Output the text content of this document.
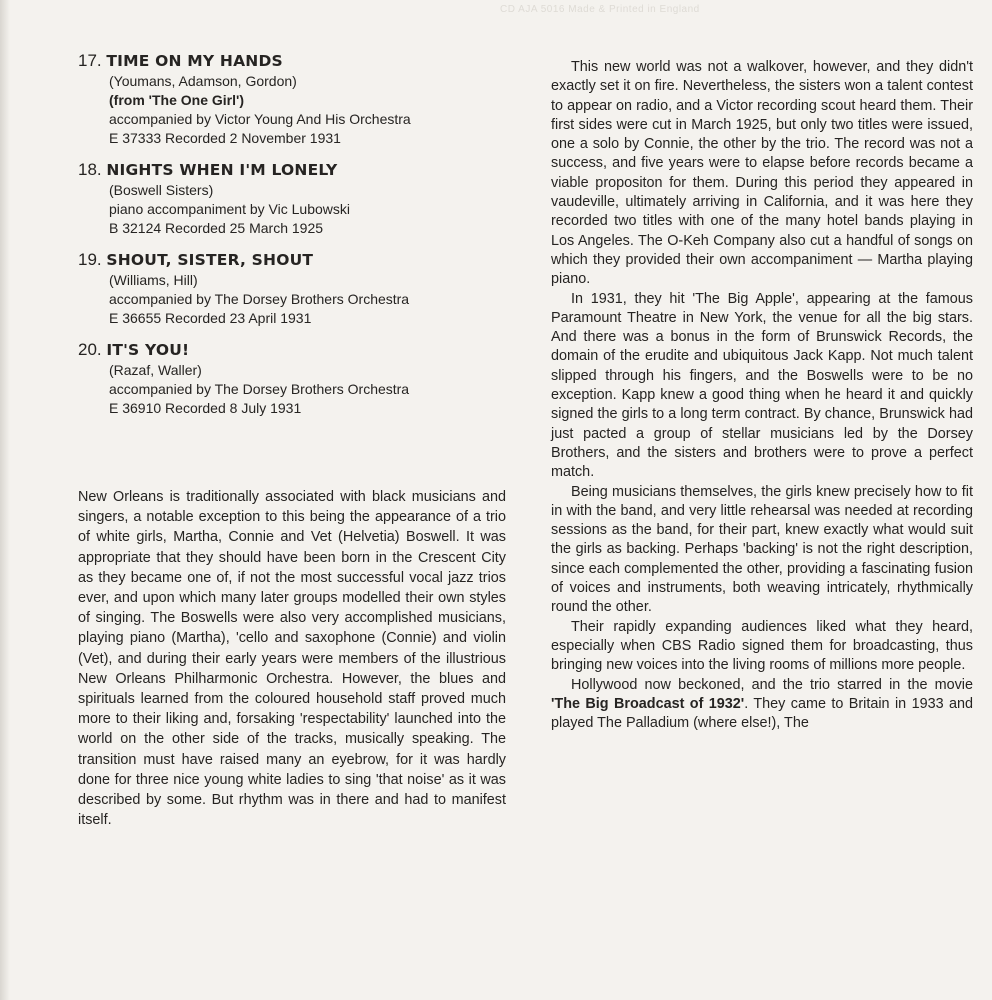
CD AJA 5016 Made & Printed in England
17. TIME ON MY HANDS
(Youmans, Adamson, Gordon)
(from 'The One Girl')
accompanied by Victor Young And His Orchestra
E 37333 Recorded 2 November 1931
18. NIGHTS WHEN I'M LONELY
(Boswell Sisters)
piano accompaniment by Vic Lubowski
B 32124 Recorded 25 March 1925
19. SHOUT, SISTER, SHOUT
(Williams, Hill)
accompanied by The Dorsey Brothers Orchestra
E 36655 Recorded 23 April 1931
20. IT'S YOU!
(Razaf, Waller)
accompanied by The Dorsey Brothers Orchestra
E 36910 Recorded 8 July 1931

New Orleans is traditionally associated with black musicians and singers, a notable exception to this being the appearance of a trio of white girls, Martha, Connie and Vet (Helvetia) Boswell. It was appropriate that they should have been born in the Crescent City as they became one of, if not the most successful vocal jazz trios ever, and upon which many later groups modelled their own styles of singing. The Boswells were also very accomplished musicians, playing piano (Martha), 'cello and saxophone (Connie) and violin (Vet), and during their early years were members of the illustrious New Orleans Philharmonic Orchestra. However, the blues and spirituals learned from the coloured household staff proved much more to their liking and, forsaking 'respectability' launched into the world on the other side of the tracks, musically speaking. The transition must have raised many an eyebrow, for it was hardly done for three nice young white ladies to sing 'that noise' as it was described by some. But rhythm was in there and had to manifest itself.

This new world was not a walkover, however, and they didn't exactly set it on fire. Nevertheless, the sisters won a talent contest to appear on radio, and a Victor recording scout heard them. Their first sides were cut in March 1925, but only two titles were issued, one a solo by Connie, the other by the trio. The record was not a success, and five years were to elapse before records became a viable propositon for them. During this period they appeared in vaudeville, ultimately arriving in California, and it was here they recorded two titles with one of the many hotel bands playing in Los Angeles. The O-Keh Company also cut a handful of songs on which they provided their own accompaniment — Martha playing piano.

In 1931, they hit 'The Big Apple', appearing at the famous Paramount Theatre in New York, the venue for all the big stars. And there was a bonus in the form of Brunswick Records, the domain of the erudite and ubiquitous Jack Kapp. Not much talent slipped through his fingers, and the Boswells were to be no exception. Kapp knew a good thing when he heard it and quickly signed the girls to a long term contract. By chance, Brunswick had just pacted a group of stellar musicians led by the Dorsey Brothers, and the sisters and brothers were to prove a perfect match.

Being musicians themselves, the girls knew precisely how to fit in with the band, and very little rehearsal was needed at recording sessions as the band, for their part, knew exactly what would suit the girls as backing. Perhaps 'backing' is not the right description, since each complemented the other, providing a fascinating fusion of voices and instruments, both weaving intricately, rhythmically round the other.

Their rapidly expanding audiences liked what they heard, especially when CBS Radio signed them for broadcasting, thus bringing new voices into the living rooms of millions more people.

Hollywood now beckoned, and the trio starred in the movie 'The Big Broadcast of 1932'. They came to Britain in 1933 and played The Palladium (where else!), The
